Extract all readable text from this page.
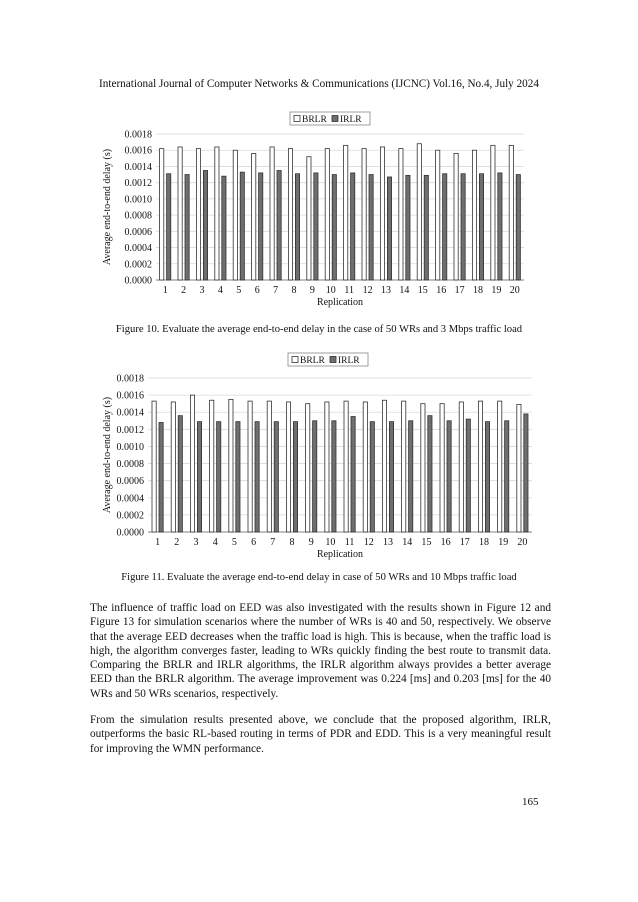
International Journal of Computer Networks & Communications (IJCNC) Vol.16, No.4, July 2024
0.0000
0.0002
0.0004
0.0006
0.0008
0.0010
0.0012
0.0014
0.0016
0.0018
1 2 3 4 5 6 7 8 9 10 11 12 13 14 15 16 17 18 19 20
Replication
Average end-to-end delay (s)
BRLR IRLR
Figure 10. Evaluate the average end-to-end delay in the case of 50 WRs and 3 Mbps traffic load
0.0000
0.0002
0.0004
0.0006
0.0008
0.0010
0.0012
0.0014
0.0016
0.0018
1 2 3 4 5 6 7 8 9 10 11 12 13 14 15 16 17 18 19 20
Replication
Average end-to-end delay (s)
BRLR IRLR
Figure 11. Evaluate the average end-to-end delay in case of 50 WRs and 10 Mbps traffic load

The influence of traffic load on EED was also investigated with the results shown in Figure 12 and Figure 13 for simulation scenarios where the number of WRs is 40 and 50, respectively. We observe that the average EED decreases when the traffic load is high. This is because, when the traffic load is high, the algorithm converges faster, leading to WRs quickly finding the best route to transmit data. Comparing the BRLR and IRLR algorithms, the IRLR algorithm always provides a better average EED than the BRLR algorithm. The average improvement was 0.224 [ms] and 0.203 [ms] for the 40 WRs and 50 WRs scenarios, respectively.

From the simulation results presented above, we conclude that the proposed algorithm, IRLR, outperforms the basic RL-based routing in terms of PDR and EDD. This is a very meaningful result for improving the WMN performance.

165
